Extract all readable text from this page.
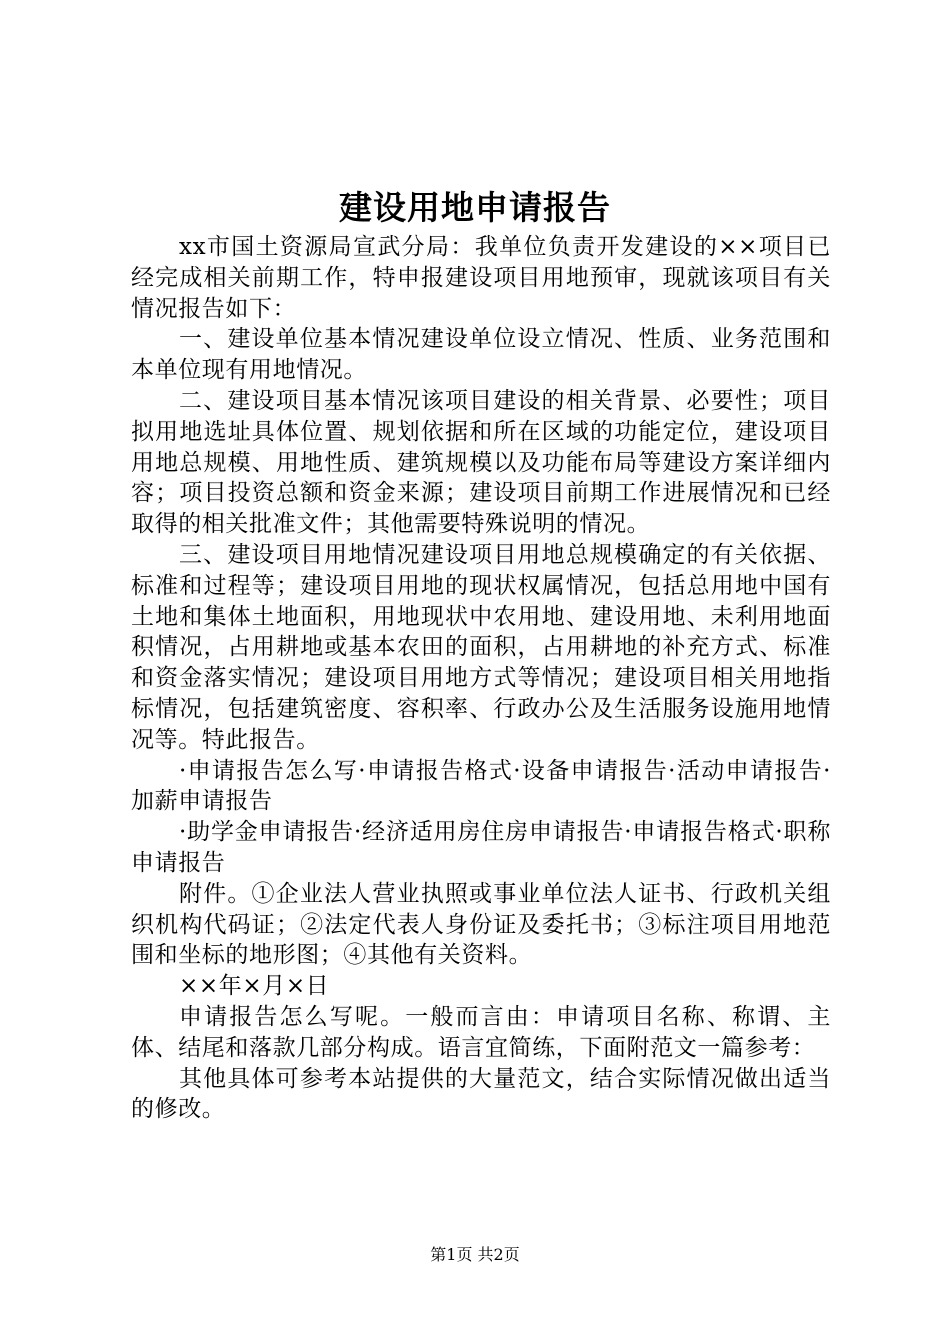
建设用地申请报告

xx市国土资源局宣武分局：我单位负责开发建设的××项目已经完成相关前期工作，特申报建设项目用地预审，现就该项目有关情况报告如下：

一、建设单位基本情况建设单位设立情况、性质、业务范围和本单位现有用地情况。

二、建设项目基本情况该项目建设的相关背景、必要性；项目拟用地选址具体位置、规划依据和所在区域的功能定位，建设项目用地总规模、用地性质、建筑规模以及功能布局等建设方案详细内容；项目投资总额和资金来源；建设项目前期工作进展情况和已经取得的相关批准文件；其他需要特殊说明的情况。

三、建设项目用地情况建设项目用地总规模确定的有关依据、标准和过程等；建设项目用地的现状权属情况，包括总用地中国有土地和集体土地面积，用地现状中农用地、建设用地、未利用地面积情况，占用耕地或基本农田的面积，占用耕地的补充方式、标准和资金落实情况；建设项目用地方式等情况；建设项目相关用地指标情况，包括建筑密度、容积率、行政办公及生活服务设施用地情况等。特此报告。

·申请报告怎么写·申请报告格式·设备申请报告·活动申请报告·加薪申请报告

·助学金申请报告·经济适用房住房申请报告·申请报告格式·职称申请报告

附件。①企业法人营业执照或事业单位法人证书、行政机关组织机构代码证；②法定代表人身份证及委托书；③标注项目用地范围和坐标的地形图；④其他有关资料。

××年×月×日

申请报告怎么写呢。一般而言由：申请项目名称、称谓、主体、结尾和落款几部分构成。语言宜简练，下面附范文一篇参考：

其他具体可参考本站提供的大量范文，结合实际情况做出适当的修改。

第1页 共2页
